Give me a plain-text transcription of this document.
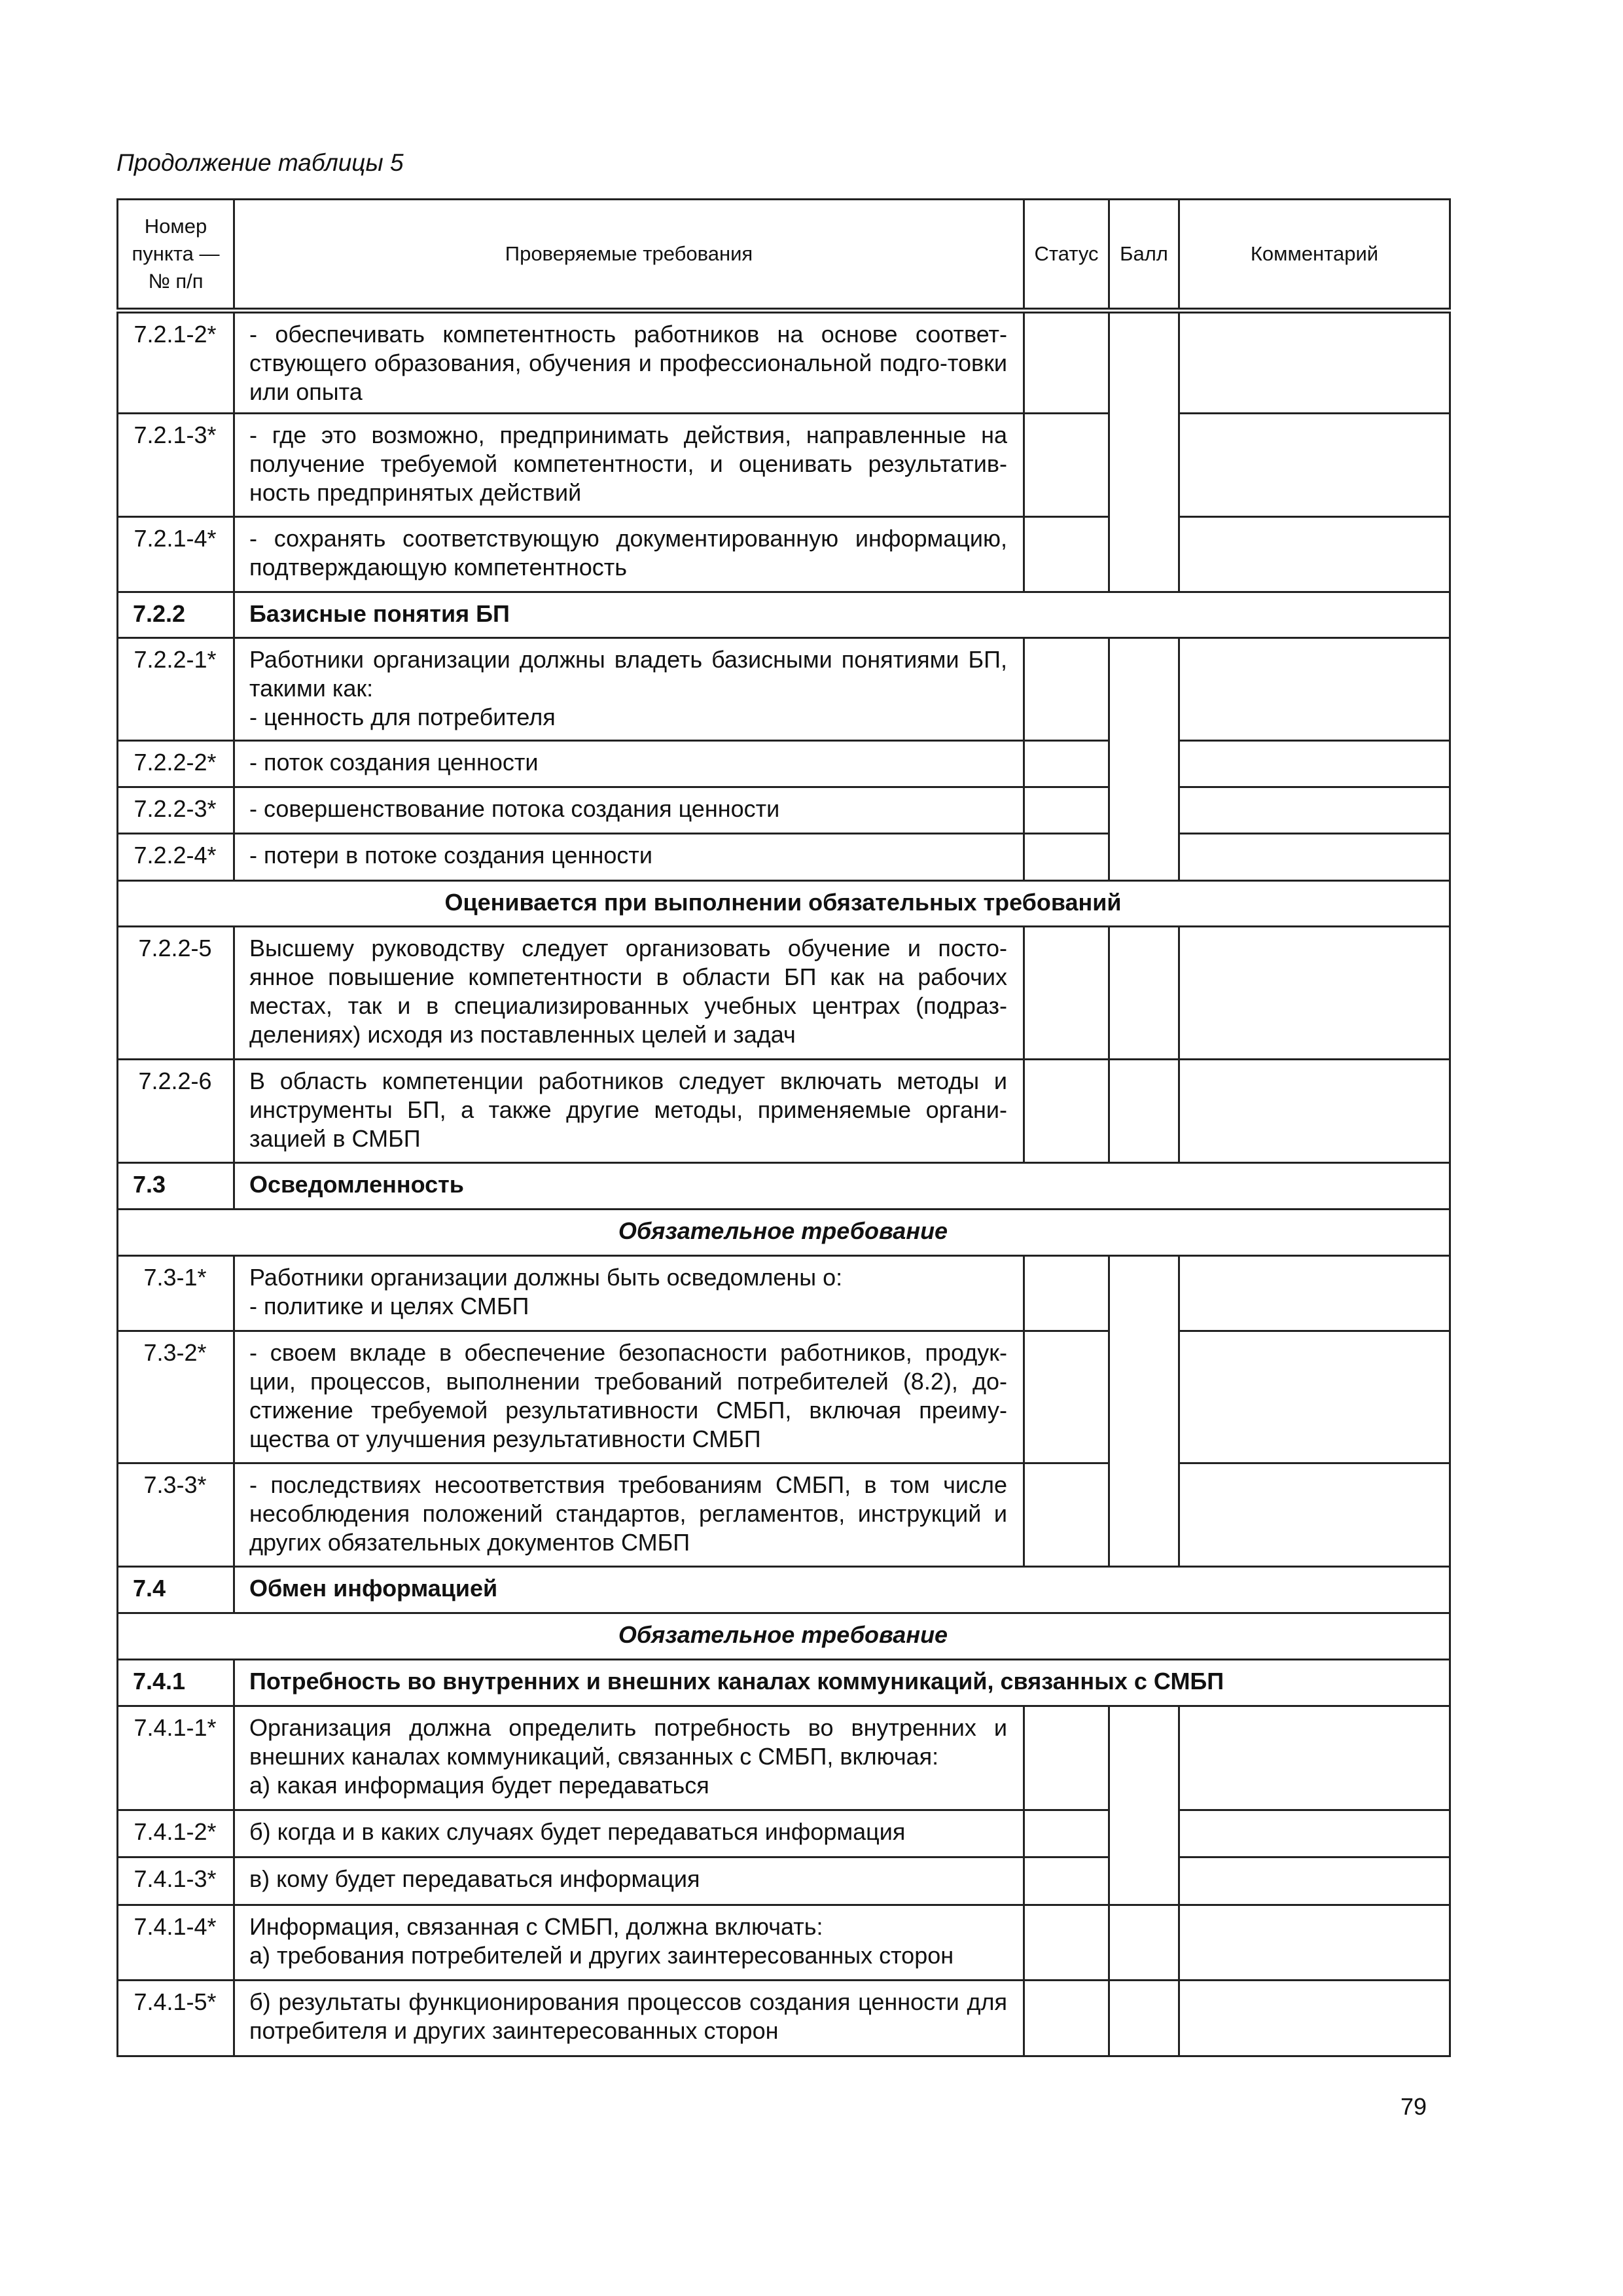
Продолжение таблицы 5
Номер пункта — № п/п	Проверяемые требования	Статус	Балл	Комментарий
7.2.1-2*	- обеспечивать компетентность работников на основе соответ-ствующего образования, обучения и профессиональной подго-товки или опыта			
7.2.1-3*	- где это возможно, предпринимать действия, направленные на получение требуемой компетентности, и оценивать результатив-ность предпринятых действий			
7.2.1-4*	- сохранять соответствующую документированную информацию, подтверждающую компетентность			
7.2.2	Базисные понятия БП			
7.2.2-1*	Работники организации должны владеть базисными понятиями БП, такими как:
- ценность для потребителя			
7.2.2-2*	- поток создания ценности			
7.2.2-3*	- совершенствование потока создания ценности			
7.2.2-4*	- потери в потоке создания ценности			
Оценивается при выполнении обязательных требований				
7.2.2-5	Высшему руководству следует организовать обучение и посто-янное повышение компетентности в области БП как на рабочих местах, так и в специализированных учебных центрах (подраз-делениях) исходя из поставленных целей и задач			
7.2.2-6	В область компетенции работников следует включать методы и инструменты БП, а также другие методы, применяемые органи-зацией в СМБП			
7.3	Осведомленность			
Обязательное требование				
7.3-1*	Работники организации должны быть осведомлены о:
- политике и целях СМБП			
7.3-2*	- своем вкладе в обеспечение безопасности работников, продук-ции, процессов, выполнении требований потребителей (8.2), до-стижение требуемой результативности СМБП, включая преиму-щества от улучшения результативности СМБП			
7.3-3*	- последствиях несоответствия требованиям СМБП, в том числе несоблюдения положений стандартов, регламентов, инструкций и других обязательных документов СМБП			
7.4	Обмен информацией			
Обязательное требование				
7.4.1	Потребность во внутренних и внешних каналах коммуникаций, связанных с СМБП			
7.4.1-1*	Организация должна определить потребность во внутренних и внешних каналах коммуникаций, связанных с СМБП, включая:
а) какая информация будет передаваться			
7.4.1-2*	б) когда и в каких случаях будет передаваться информация			
7.4.1-3*	в) кому будет передаваться информация			
7.4.1-4*	Информация, связанная с СМБП, должна включать:
а) требования потребителей и других заинтересованных сторон			
7.4.1-5*	б) результаты функционирования процессов создания ценности для потребителя и других заинтересованных сторон			
79
